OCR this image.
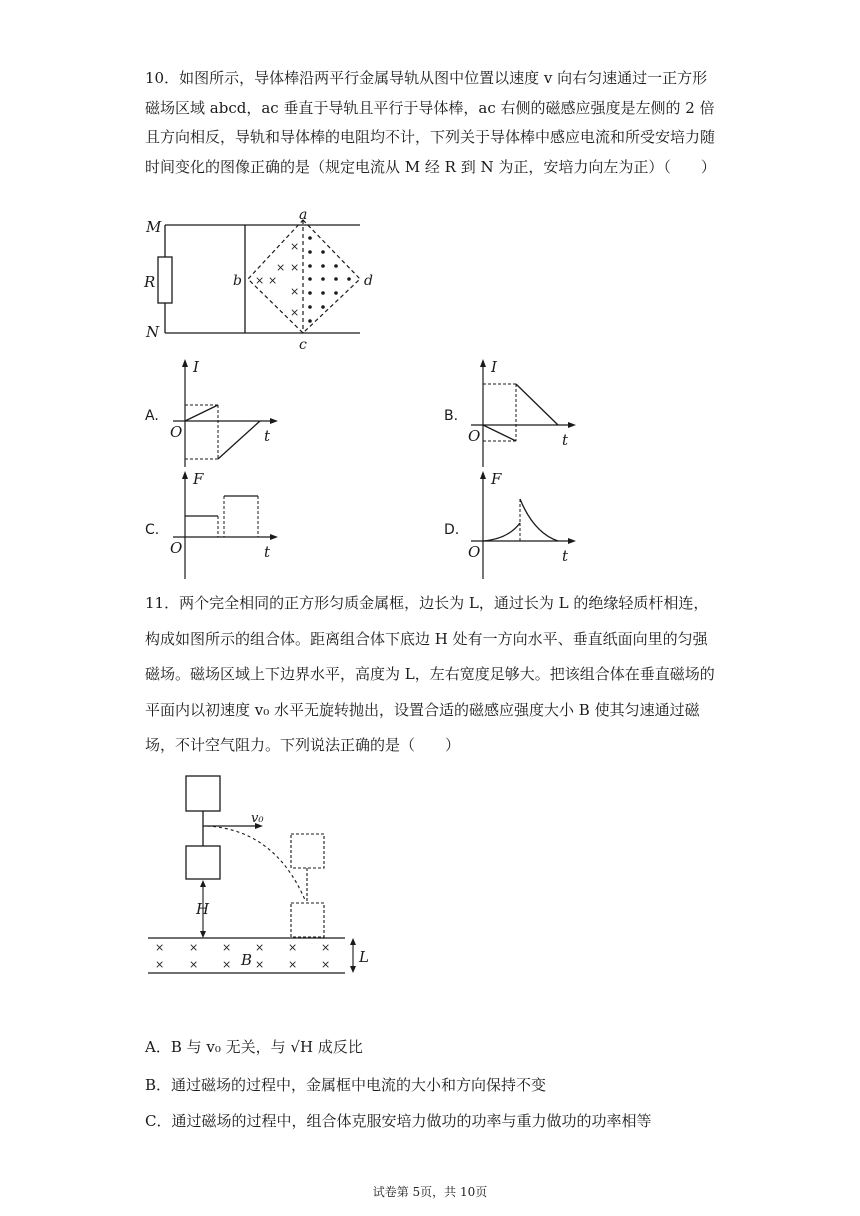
10．如图所示，导体棒沿两平行金属导轨从图中位置以速度 v 向右匀速通过一正方形磁场区域 abcd，ac 垂直于导轨且平行于导体棒，ac 右侧的磁感应强度是左侧的 2 倍且方向相反，导轨和导体棒的电阻均不计，下列关于导体棒中感应电流和所受安培力随时间变化的图像正确的是（规定电流从 M 经 R 到 N 为正，安培力向左为正）（　　）

×
× ×
× ×
×
×
M
N
R
a
b
c
d
A.
I
O	t
B.
I
O	t
C.
F
O	t
D.
F
O	t

11．两个完全相同的正方形匀质金属框，边长为 L，通过长为 L 的绝缘轻质杆相连，构成如图所示的组合体。距离组合体下底边 H 处有一方向水平、垂直纸面向里的匀强磁场。磁场区域上下边界水平，高度为 L，左右宽度足够大。把该组合体在垂直磁场的平面内以初速度 v₀ 水平无旋转抛出，设置合适的磁感应强度大小 B 使其匀速通过磁场，不计空气阻力。下列说法正确的是（　　）

v₀
H
× × × × × ×
× × × × × ×
B	L
A．B 与 v₀ 无关，与 √H 成反比
B．通过磁场的过程中，金属框中电流的大小和方向保持不变
C．通过磁场的过程中，组合体克服安培力做功的功率与重力做功的功率相等
试卷第 5页，共 10页
